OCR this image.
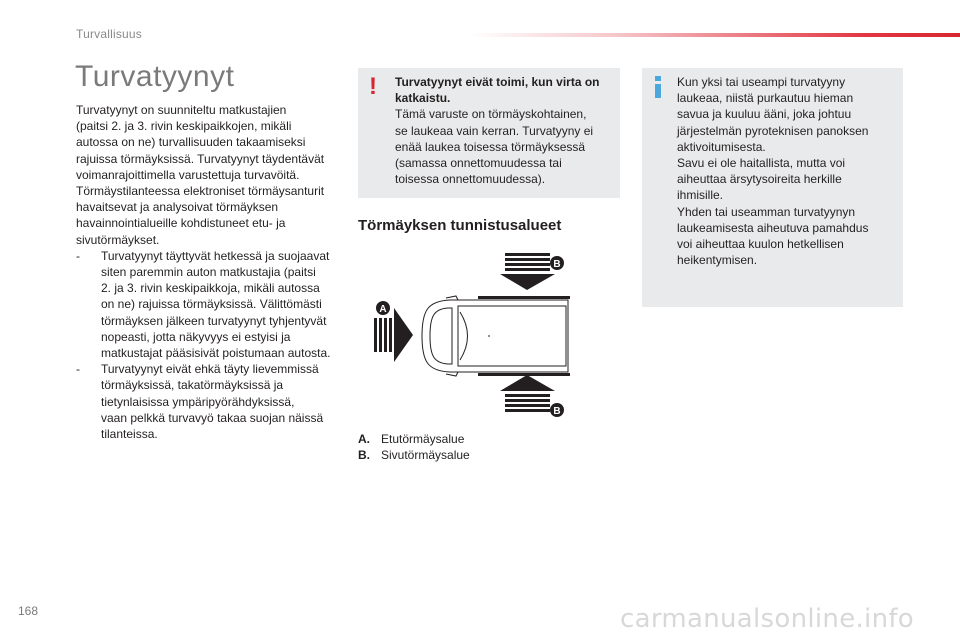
Turvallisuus
Turvatyynyt

Turvatyynyt on suunniteltu matkustajien
(paitsi 2. ja 3. rivin keskipaikkojen, mikäli
autossa on ne) turvallisuuden takaamiseksi
rajuissa törmäyksissä. Turvatyynyt täydentävät
voimanrajoittimella varustettuja turvavöitä.
Törmäystilanteessa elektroniset törmäysanturit
havaitsevat ja analysoivat törmäyksen
havainnointialueille kohdistuneet etu- ja
sivutörmäykset.

-	Turvatyynyt täyttyvät hetkessä ja suojaavat
siten paremmin auton matkustajia (paitsi
2. ja 3. rivin keskipaikkoja, mikäli autossa
on ne) rajuissa törmäyksissä. Välittömästi
törmäyksen jälkeen turvatyynyt tyhjentyvät
nopeasti, jotta näkyvyys ei estyisi ja
matkustajat pääsisivät poistumaan autosta.
-	Turvatyynyt eivät ehkä täyty lievemmissä
törmäyksissä, takatörmäyksissä ja
tietynlaisissa ympäripyörähdyksissä,
vaan pelkkä turvavyö takaa suojan näissä
tilanteissa.
! Turvatyynyt eivät toimi, kun virta on
katkaistu.
Tämä varuste on törmäyskohtainen,
se laukeaa vain kerran. Turvatyyny ei
enää laukea toisessa törmäyksessä
(samassa onnettomuudessa tai
toisessa onnettomuudessa).
Kun yksi tai useampi turvatyyny
laukeaa, niistä purkautuu hieman
savua ja kuuluu ääni, joka johtuu
järjestelmän pyroteknisen panoksen
aktivoitumisesta.
Savu ei ole haitallista, mutta voi
aiheuttaa ärsytysoireita herkille
ihmisille.
Yhden tai useamman turvatyynyn
laukeamisesta aiheutuva pamahdus
voi aiheuttaa kuulon hetkellisen
heikentymisen.
Törmäyksen tunnistusalueet
B
A
B
A. Etutörmäysalue
B. Sivutörmäysalue
168	carmanualsonline.info
